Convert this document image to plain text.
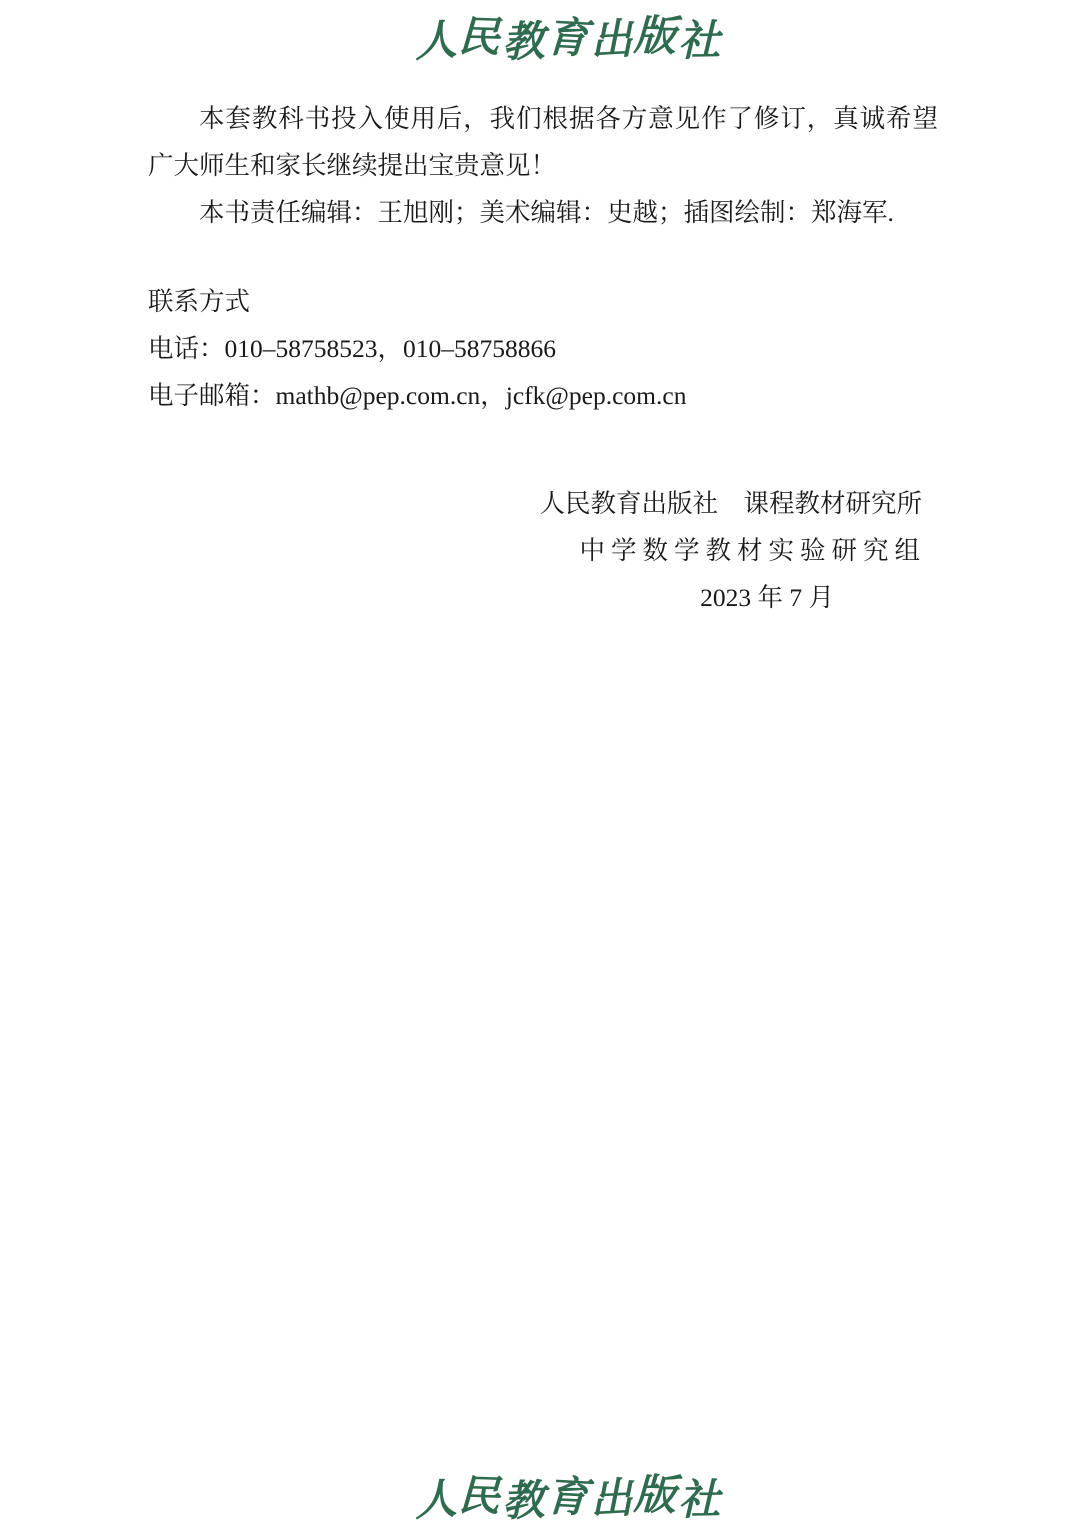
人民教育出版社

本套教科书投入使用后，我们根据各方意见作了修订，真诚希望广大师生和家长继续提出宝贵意见！

本书责任编辑：王旭刚；美术编辑：史越；插图绘制：郑海军.

联系方式

电话：010–58758523，010–58758866

电子邮箱：mathb@pep.com.cn，jcfk@pep.com.cn

人民教育出版社　课程教材研究所

中学数学教材实验研究组

2023 年 7 月

人民教育出版社
